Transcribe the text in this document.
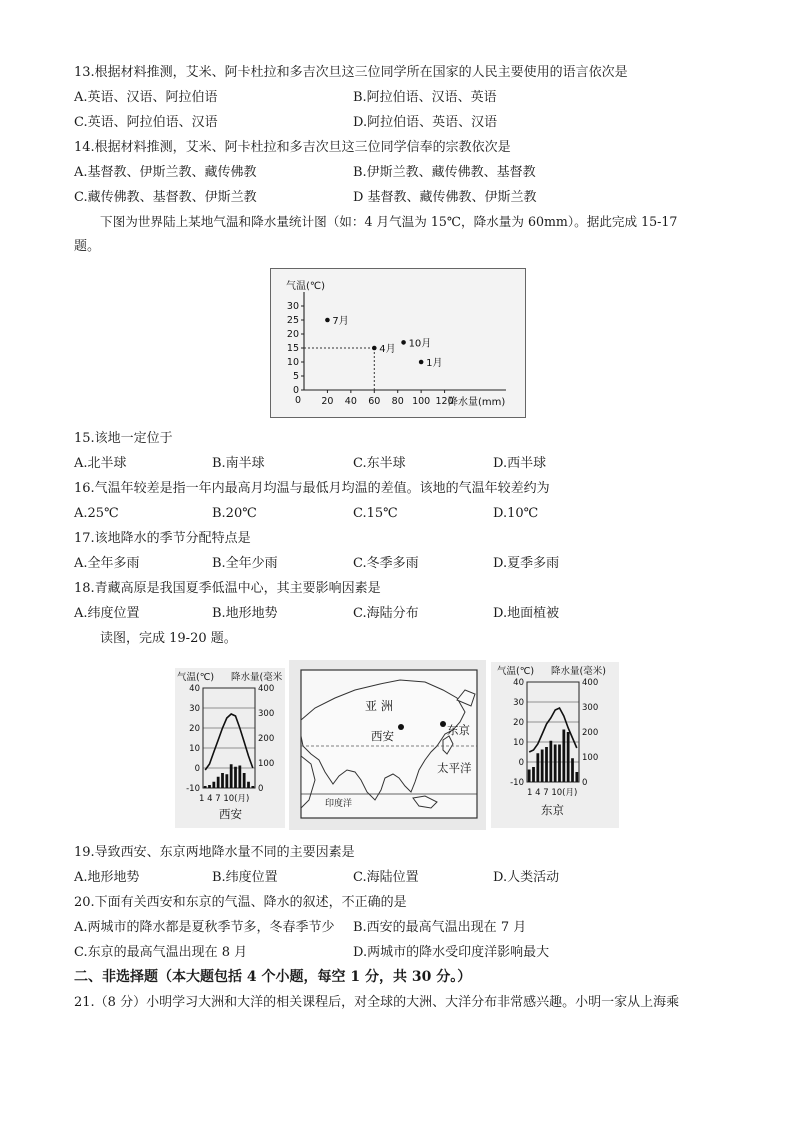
13.根据材料推测，艾米、阿卡杜拉和多吉次旦这三位同学所在国家的人民主要使用的语言依次是
A.英语、汉语、阿拉伯语	B.阿拉伯语、汉语、英语
C.英语、阿拉伯语、汉语	D.阿拉伯语、英语、汉语
14.根据材料推测，艾米、阿卡杜拉和多吉次旦这三位同学信奉的宗教依次是
A.基督教、伊斯兰教、藏传佛教	B.伊斯兰教、藏传佛教、基督教
C.藏传佛教、基督教、伊斯兰教	D 基督教、藏传佛教、伊斯兰教
下图为世界陆上某地气温和降水量统计图（如：4 月气温为 15℃，降水量为 60mm）。据此完成 15-17
题。
气温(℃)
降水量(mm)
0
5
10
15
20
25
30
0 20 40 60 80 100 120
7月
4月
10月
1月
15.该地一定位于
A.北半球	B.南半球	C.东半球	D.西半球
16.气温年较差是指一年内最高月均温与最低月均温的差值。该地的气温年较差约为
A.25℃	B.20℃	C.15℃	D.10℃
17.该地降水的季节分配特点是
A.全年多雨	B.全年少雨	C.冬季多雨	D.夏季多雨
18.青藏高原是我国夏季低温中心，其主要影响因素是
A.纬度位置	B.地形地势	C.海陆分布	D.地面植被
读图，完成 19-20 题。
亚 洲
西安	东京
太平洋
印度洋
气温(℃) 降水量(毫米
1 4 7 10(月)
西安
40
30
20
10
0
-10
400
300
200
100
0
气温(℃) 降水量(毫米)
1 4 7 10(月)
东京
40
30
20
10
0
-10
400
300
200
100
0
19.导致西安、东京两地降水量不同的主要因素是
A.地形地势	B.纬度位置	C.海陆位置	D.人类活动
20.下面有关西安和东京的气温、降水的叙述，不正确的是
A.两城市的降水都是夏秋季节多，冬春季节少 B.西安的最高气温出现在 7 月
C.东京的最高气温出现在 8 月	D.两城市的降水受印度洋影响最大
二、非选择题（本大题包括 4 个小题，每空 1 分，共 30 分。）
21.（8 分）小明学习大洲和大洋的相关课程后，对全球的大洲、大洋分布非常感兴趣。小明一家从上海乘
